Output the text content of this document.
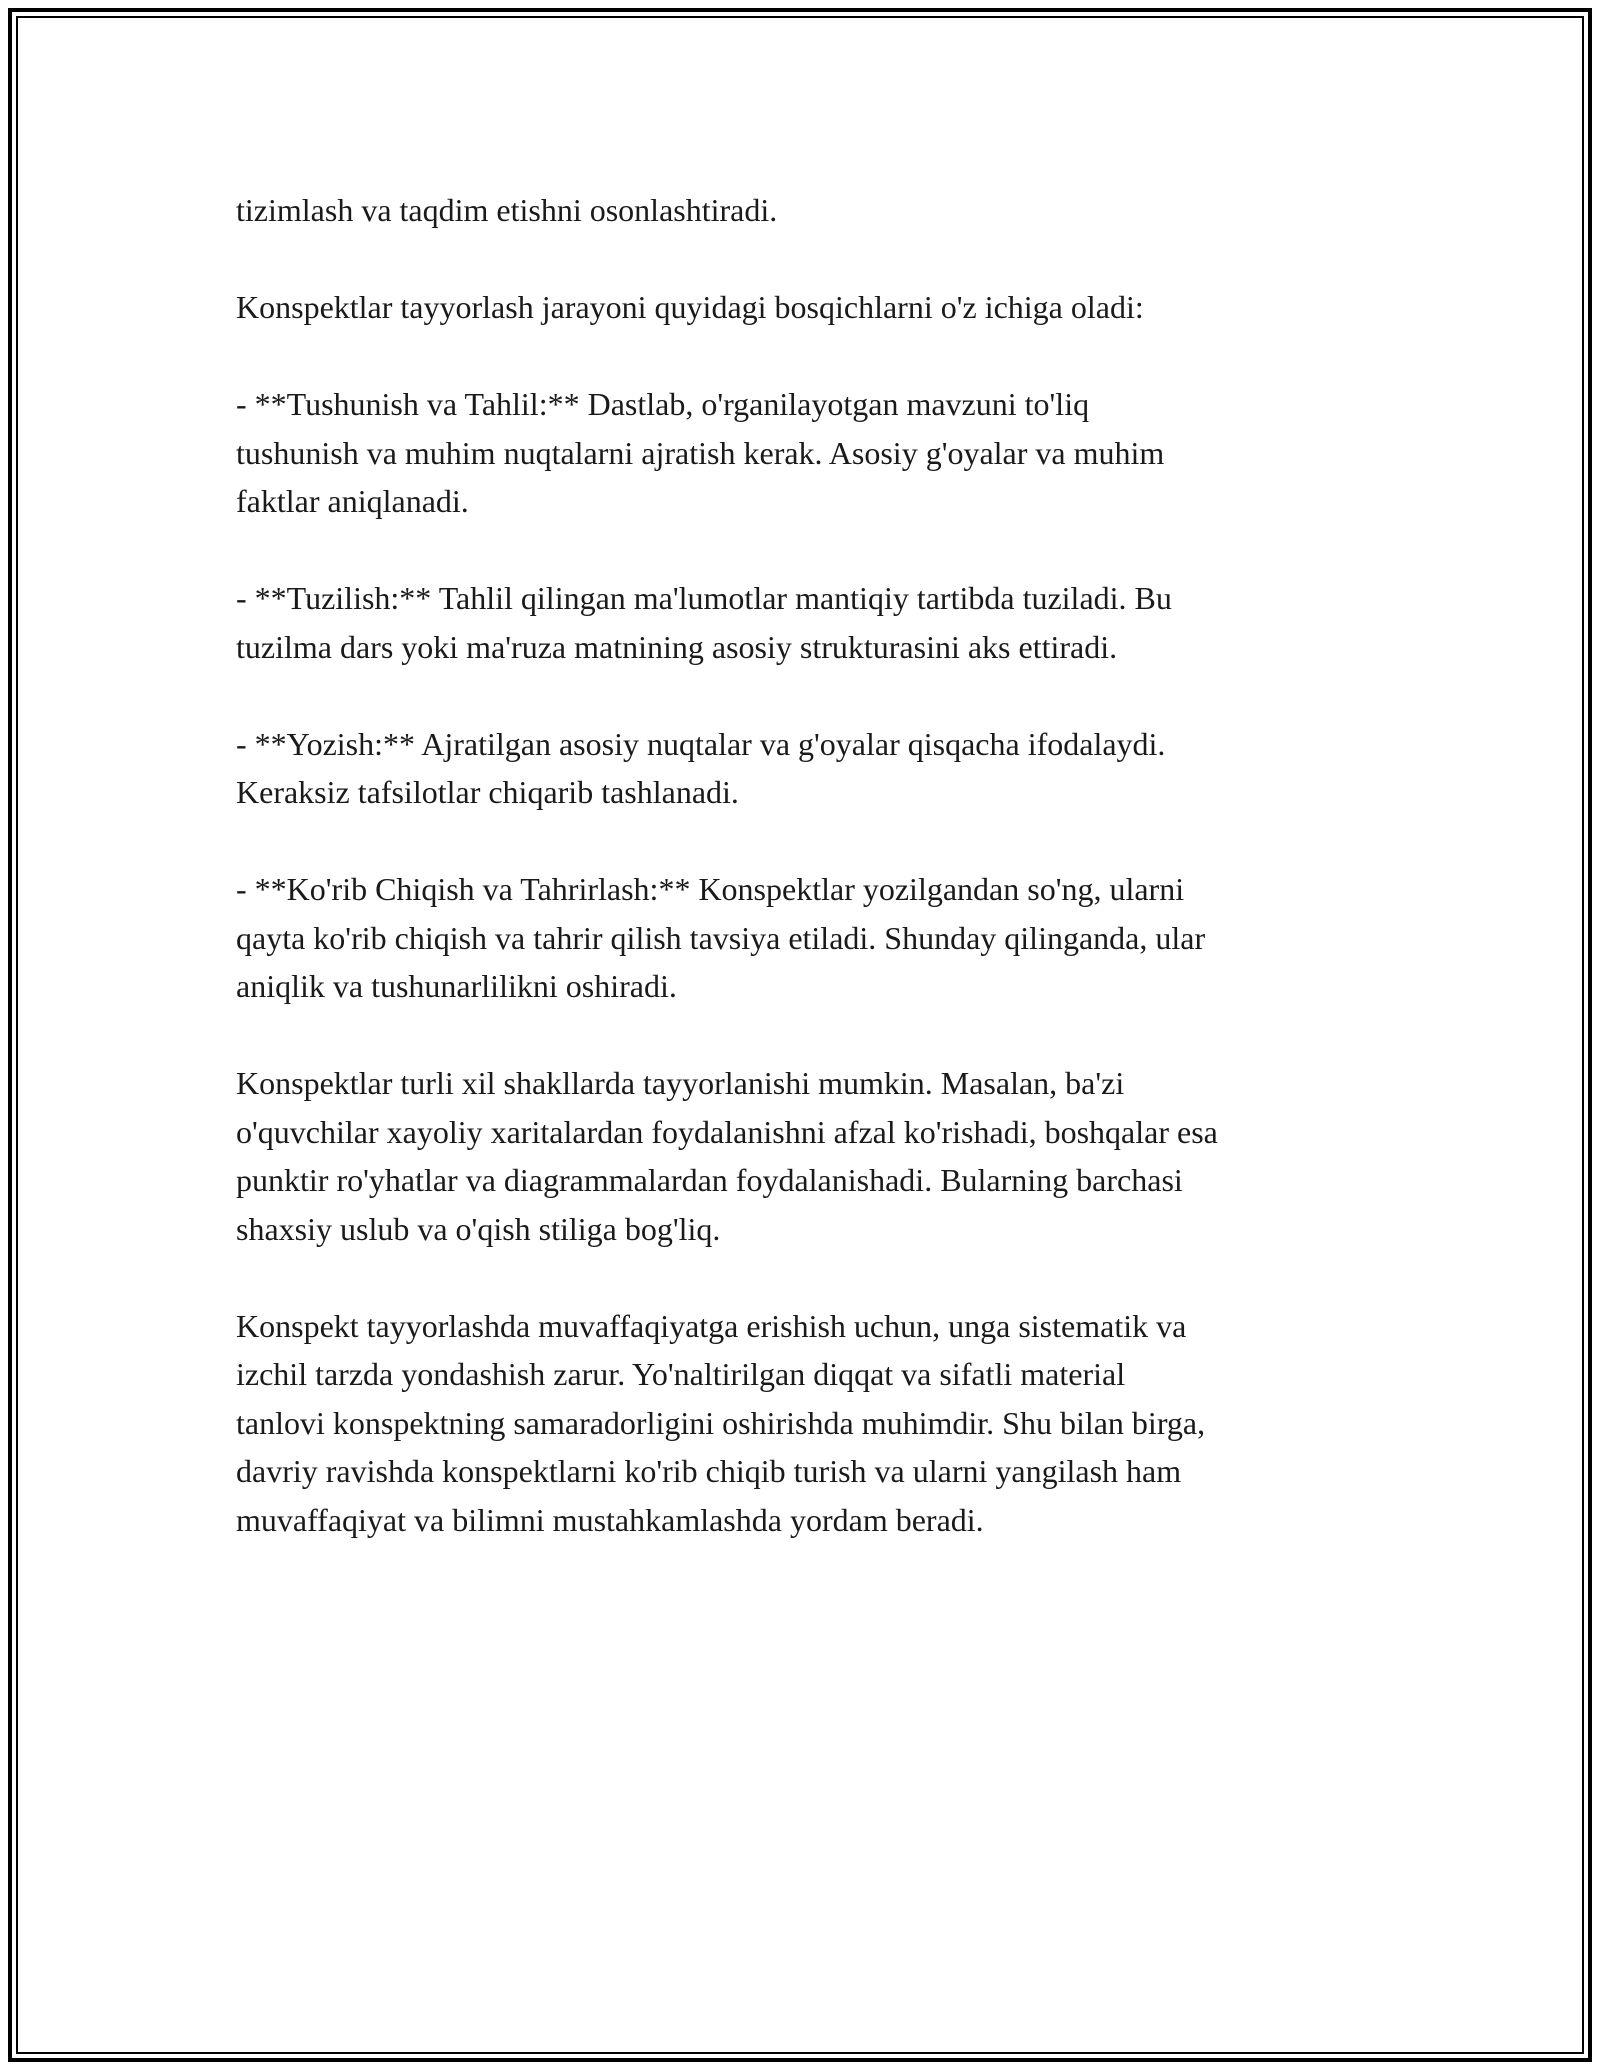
tizimlash va taqdim etishni osonlashtiradi.

Konspektlar tayyorlash jarayoni quyidagi bosqichlarni o'z ichiga oladi:

- **Tushunish va Tahlil:** Dastlab, o'rganilayotgan mavzuni to'liq
tushunish va muhim nuqtalarni ajratish kerak. Asosiy g'oyalar va muhim
faktlar aniqlanadi.

- **Tuzilish:** Tahlil qilingan ma'lumotlar mantiqiy tartibda tuziladi. Bu
tuzilma dars yoki ma'ruza matnining asosiy strukturasini aks ettiradi.

- **Yozish:** Ajratilgan asosiy nuqtalar va g'oyalar qisqacha ifodalaydi.
Keraksiz tafsilotlar chiqarib tashlanadi.

- **Ko'rib Chiqish va Tahrirlash:** Konspektlar yozilgandan so'ng, ularni
qayta ko'rib chiqish va tahrir qilish tavsiya etiladi. Shunday qilinganda, ular
aniqlik va tushunarlilikni oshiradi.

Konspektlar turli xil shakllarda tayyorlanishi mumkin. Masalan, ba'zi
o'quvchilar xayoliy xaritalardan foydalanishni afzal ko'rishadi, boshqalar esa
punktir ro'yhatlar va diagrammalardan foydalanishadi. Bularning barchasi
shaxsiy uslub va o'qish stiliga bog'liq.

Konspekt tayyorlashda muvaffaqiyatga erishish uchun, unga sistematik va
izchil tarzda yondashish zarur. Yo'naltirilgan diqqat va sifatli material
tanlovi konspektning samaradorligini oshirishda muhimdir. Shu bilan birga,
davriy ravishda konspektlarni ko'rib chiqib turish va ularni yangilash ham
muvaffaqiyat va bilimni mustahkamlashda yordam beradi.
